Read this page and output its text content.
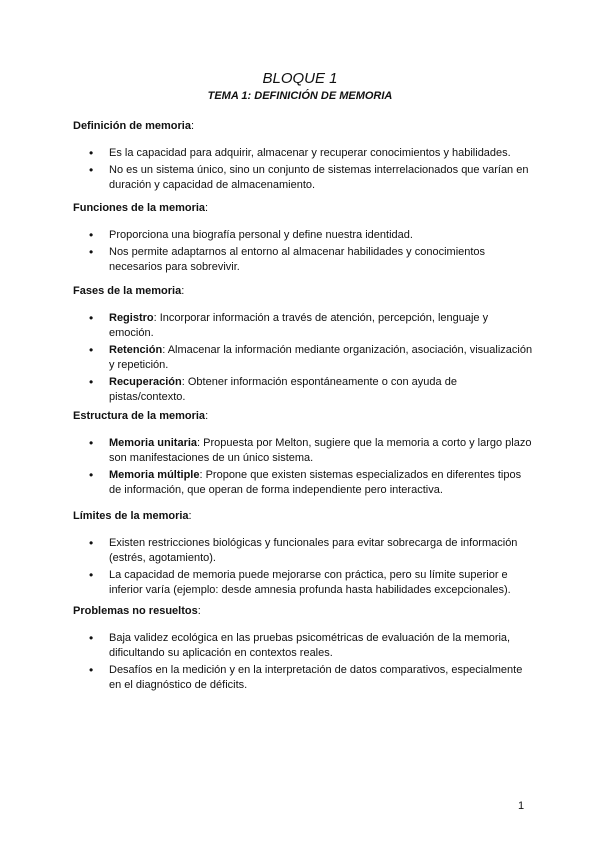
BLOQUE 1
TEMA 1: DEFINICIÓN DE MEMORIA

Definición de memoria:

• Es la capacidad para adquirir, almacenar y recuperar conocimientos y habilidades.
• No es un sistema único, sino un conjunto de sistemas interrelacionados que varían en duración y capacidad de almacenamiento.

Funciones de la memoria:

• Proporciona una biografía personal y define nuestra identidad.
• Nos permite adaptarnos al entorno al almacenar habilidades y conocimientos necesarios para sobrevivir.

Fases de la memoria:

• Registro: Incorporar información a través de atención, percepción, lenguaje y emoción.
• Retención: Almacenar la información mediante organización, asociación, visualización y repetición.
• Recuperación: Obtener información espontáneamente o con ayuda de pistas/contexto.

Estructura de la memoria:

• Memoria unitaria: Propuesta por Melton, sugiere que la memoria a corto y largo plazo son manifestaciones de un único sistema.
• Memoria múltiple: Propone que existen sistemas especializados en diferentes tipos de información, que operan de forma independiente pero interactiva.

Límites de la memoria:

• Existen restricciones biológicas y funcionales para evitar sobrecarga de información (estrés, agotamiento).
• La capacidad de memoria puede mejorarse con práctica, pero su límite superior e inferior varía (ejemplo: desde amnesia profunda hasta habilidades excepcionales).

Problemas no resueltos:

• Baja validez ecológica en las pruebas psicométricas de evaluación de la memoria, dificultando su aplicación en contextos reales.
• Desafíos en la medición y en la interpretación de datos comparativos, especialmente en el diagnóstico de déficits.
1
